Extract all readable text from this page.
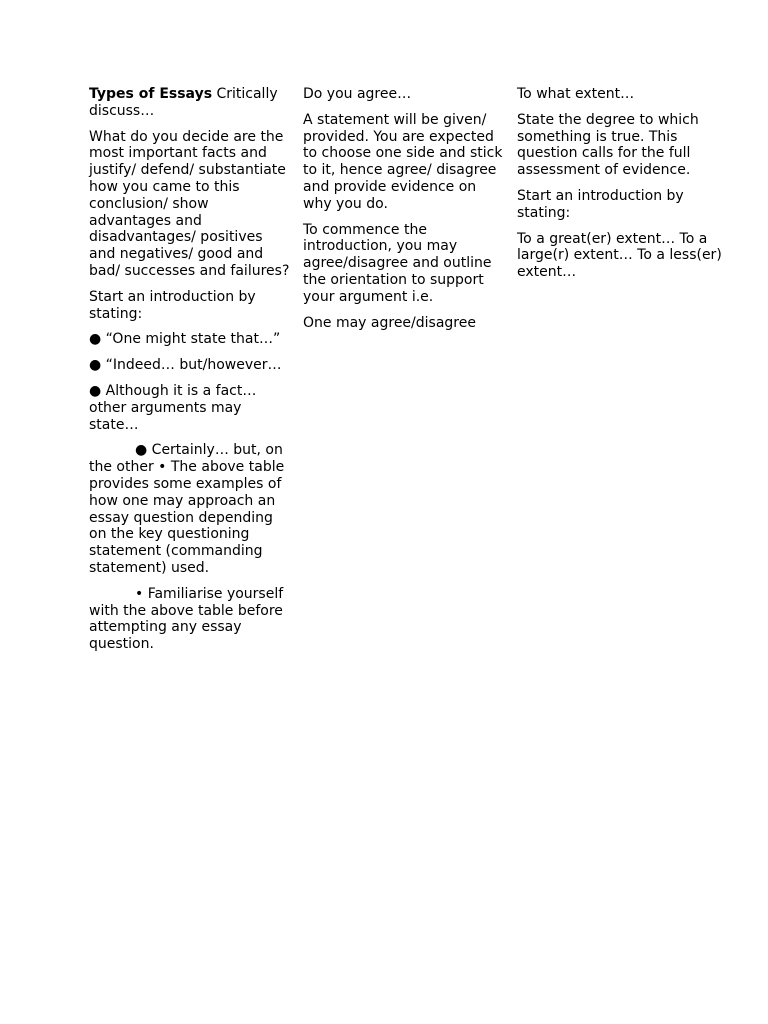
Types of Essays Critically discuss…

What do you decide are the most important facts and justify/ defend/ substantiate how you came to this conclusion/ show advantages and disadvantages/ positives and negatives/ good and bad/ successes and failures?

Start an introduction by stating:

● “One might state that…”

● “Indeed… but/however…

● Although it is a fact… other arguments may state…

● Certainly… but, on the other • The above table provides some examples of how one may approach an essay question depending on the key questioning statement (commanding statement) used.

• Familiarise yourself with the above table before attempting any essay question.

Do you agree…

A statement will be given/ provided. You are expected to choose one side and stick to it, hence agree/ disagree and provide evidence on why you do.

To commence the introduction, you may agree/disagree and outline the orientation to support your argument i.e.

One may agree/disagree

To what extent…

State the degree to which something is true. This question calls for the full assessment of evidence.

Start an introduction by stating:

To a great(er) extent… To a large(r) extent… To a less(er) extent…
